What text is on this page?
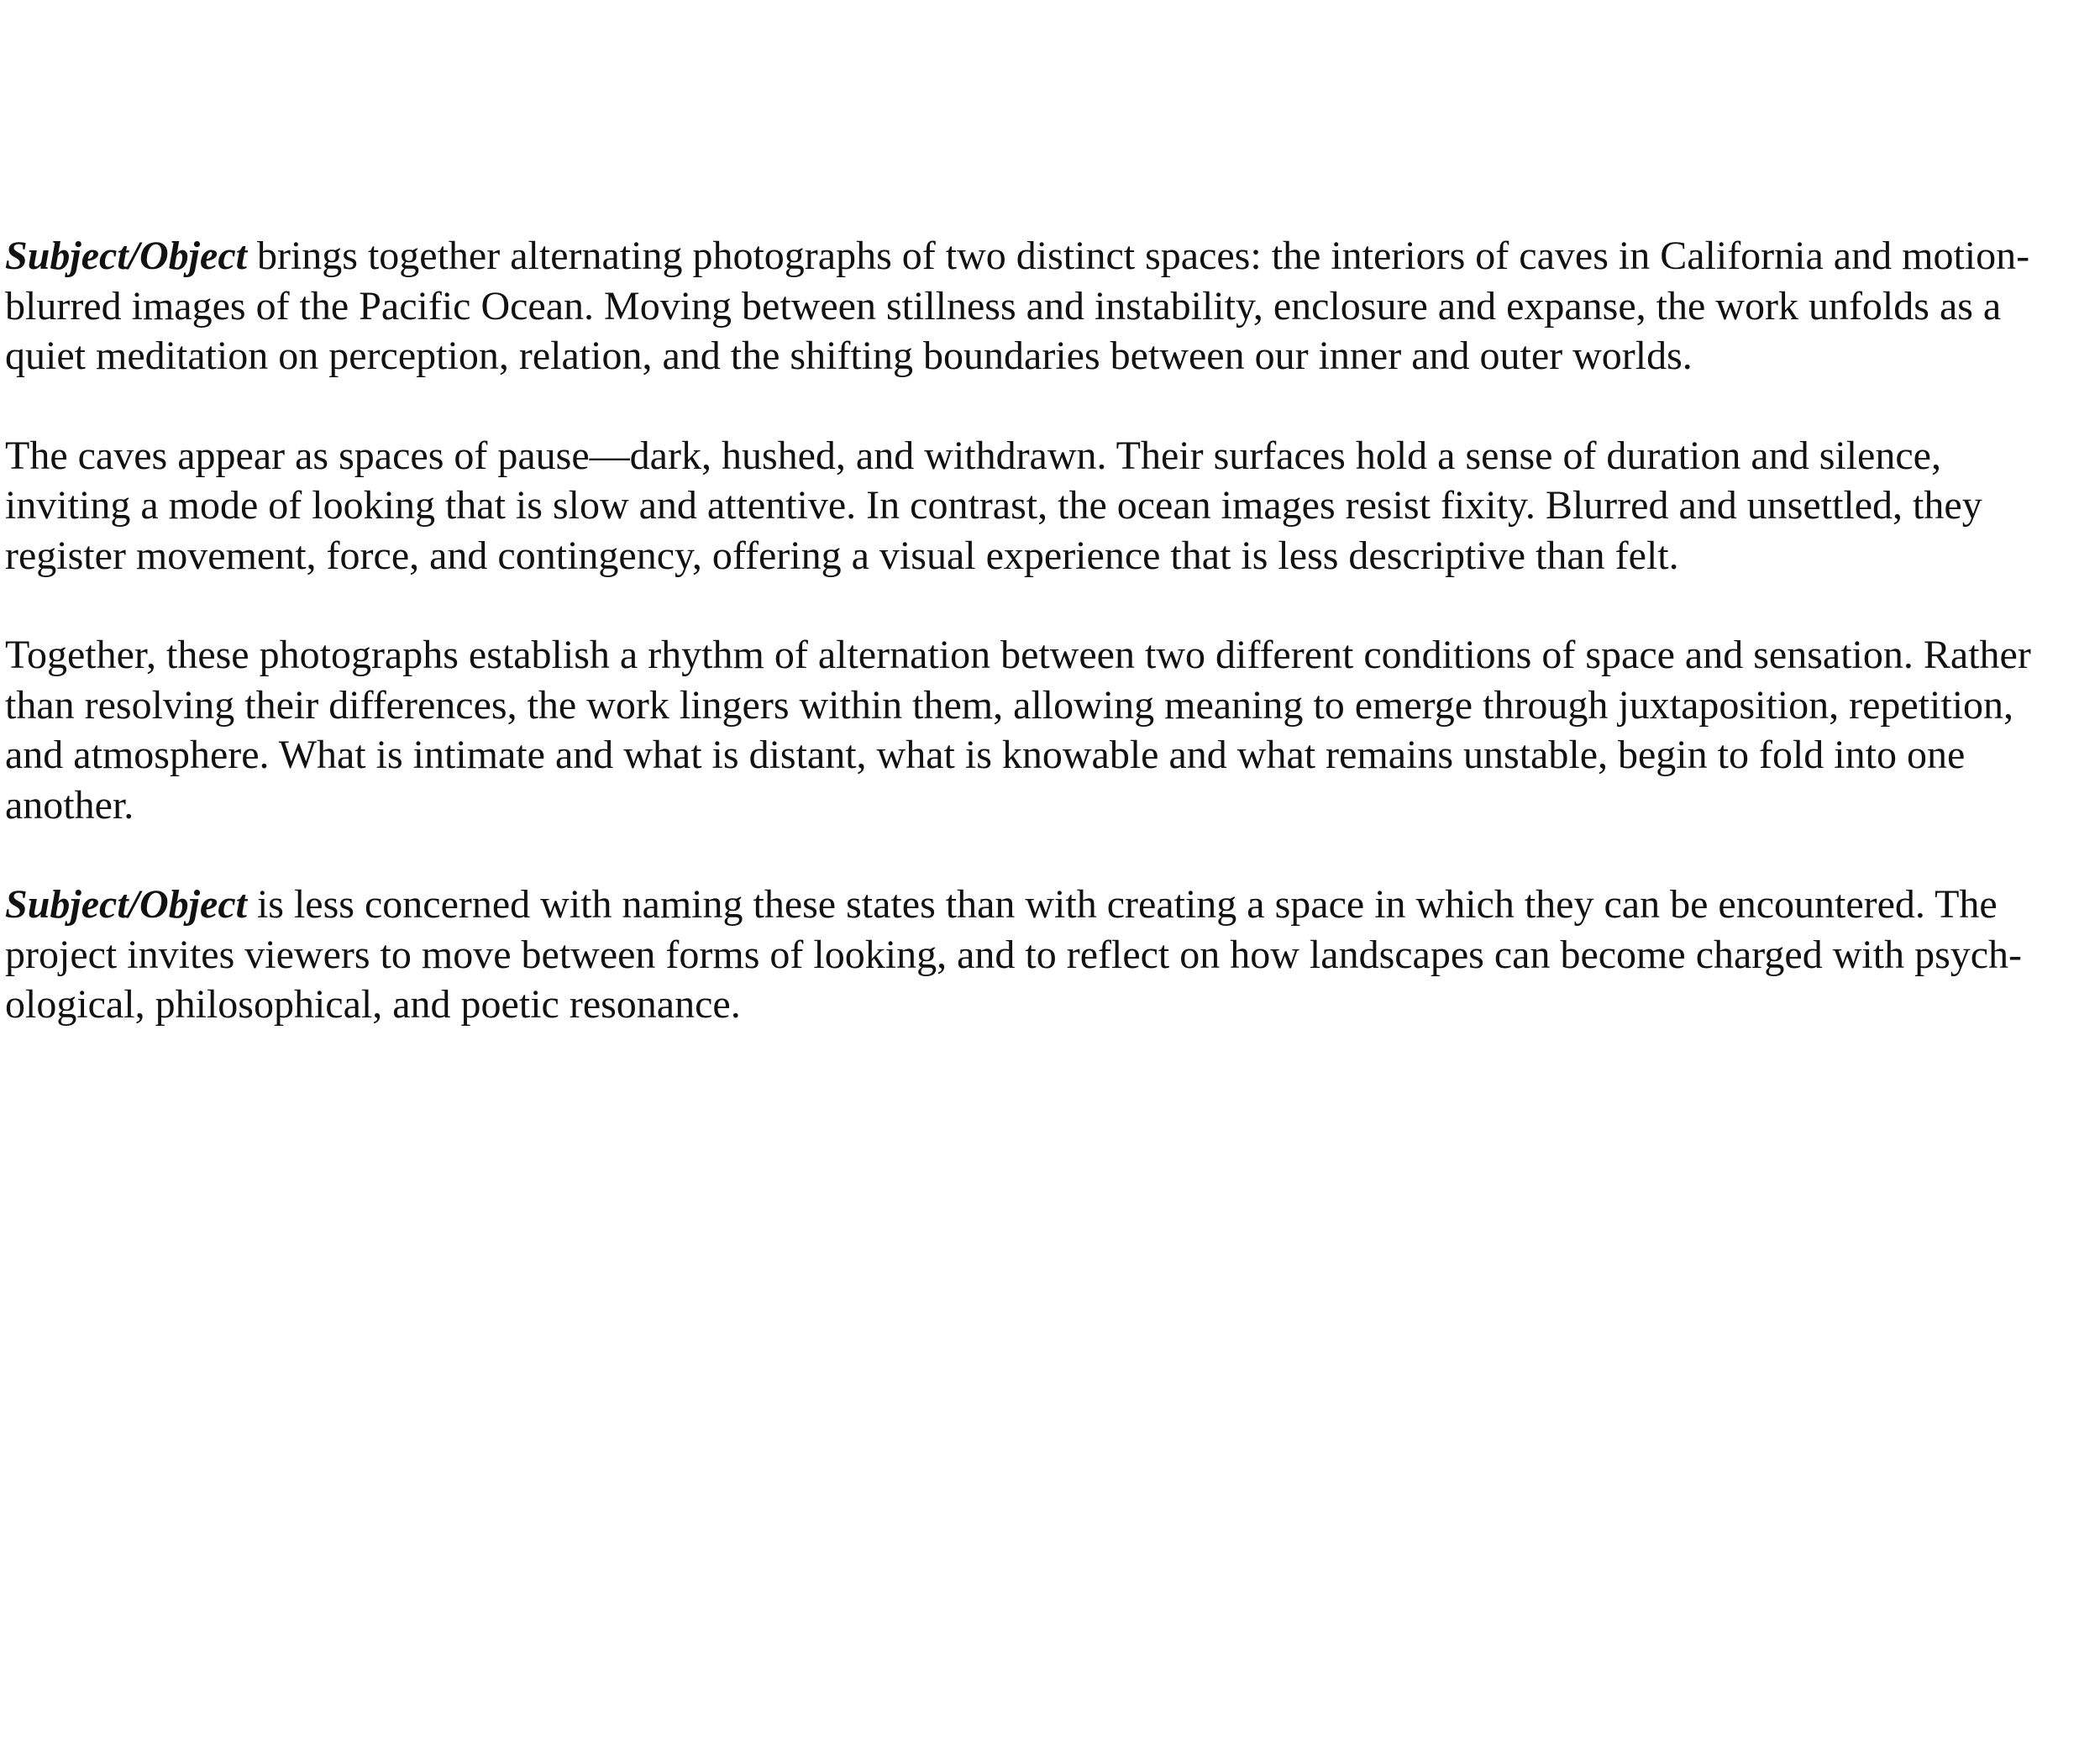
Subject/Object brings together alternating photographs of two distinct spaces: the interiors of caves in California and motion-
blurred images of the Pacific Ocean. Moving between stillness and instability, enclosure and expanse, the work unfolds as a
quiet meditation on perception, relation, and the shifting boundaries between our inner and outer worlds.

The caves appear as spaces of pause—dark, hushed, and withdrawn. Their surfaces hold a sense of duration and silence,
inviting a mode of looking that is slow and attentive. In contrast, the ocean images resist fixity. Blurred and unsettled, they
register movement, force, and contingency, offering a visual experience that is less descriptive than felt.

Together, these photographs establish a rhythm of alternation between two different conditions of space and sensation. Rather
than resolving their differences, the work lingers within them, allowing meaning to emerge through juxtaposition, repetition,
and atmosphere. What is intimate and what is distant, what is knowable and what remains unstable, begin to fold into one
another.

Subject/Object is less concerned with naming these states than with creating a space in which they can be encountered. The
project invites viewers to move between forms of looking, and to reflect on how landscapes can become charged with psych-
ological, philosophical, and poetic resonance.
